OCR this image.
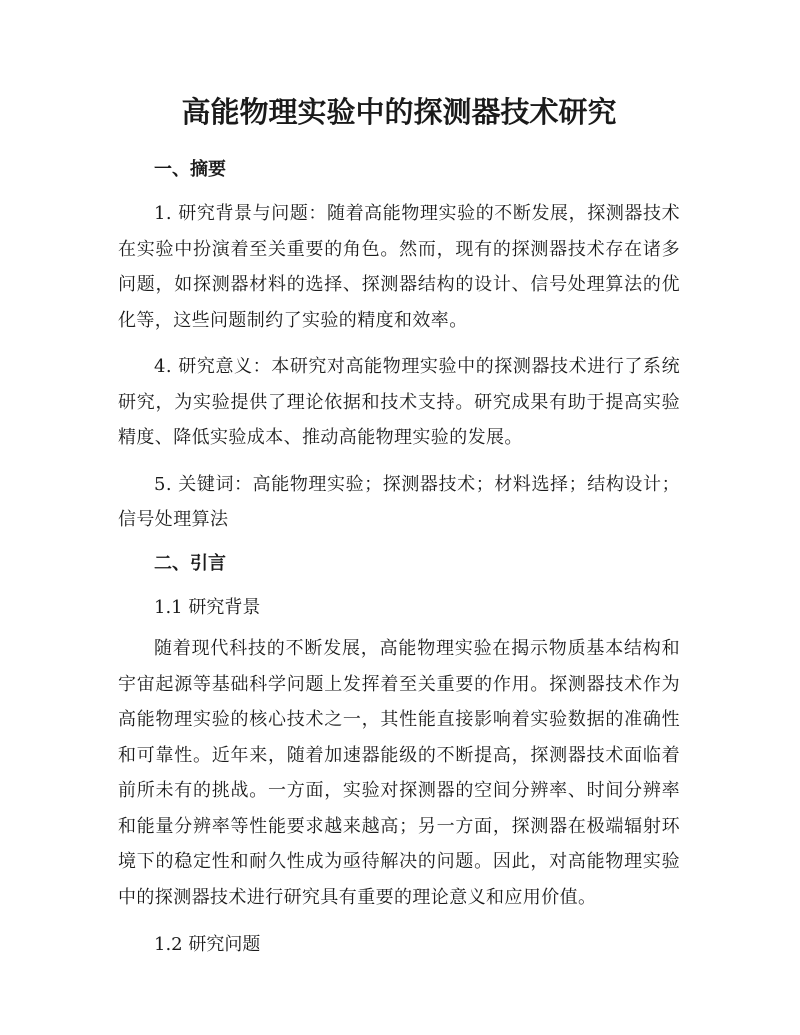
高能物理实验中的探测器技术研究
一、摘要

1. 研究背景与问题：随着高能物理实验的不断发展，探测器技术在实验中扮演着至关重要的角色。然而，现有的探测器技术存在诸多问题，如探测器材料的选择、探测器结构的设计、信号处理算法的优化等，这些问题制约了实验的精度和效率。

4. 研究意义：本研究对高能物理实验中的探测器技术进行了系统研究，为实验提供了理论依据和技术支持。研究成果有助于提高实验精度、降低实验成本、推动高能物理实验的发展。

5. 关键词：高能物理实验；探测器技术；材料选择；结构设计；信号处理算法

二、引言
1.1 研究背景

随着现代科技的不断发展，高能物理实验在揭示物质基本结构和宇宙起源等基础科学问题上发挥着至关重要的作用。探测器技术作为高能物理实验的核心技术之一，其性能直接影响着实验数据的准确性和可靠性。近年来，随着加速器能级的不断提高，探测器技术面临着前所未有的挑战。一方面，实验对探测器的空间分辨率、时间分辨率和能量分辨率等性能要求越来越高；另一方面，探测器在极端辐射环境下的稳定性和耐久性成为亟待解决的问题。因此，对高能物理实验中的探测器技术进行研究具有重要的理论意义和应用价值。

1.2 研究问题
